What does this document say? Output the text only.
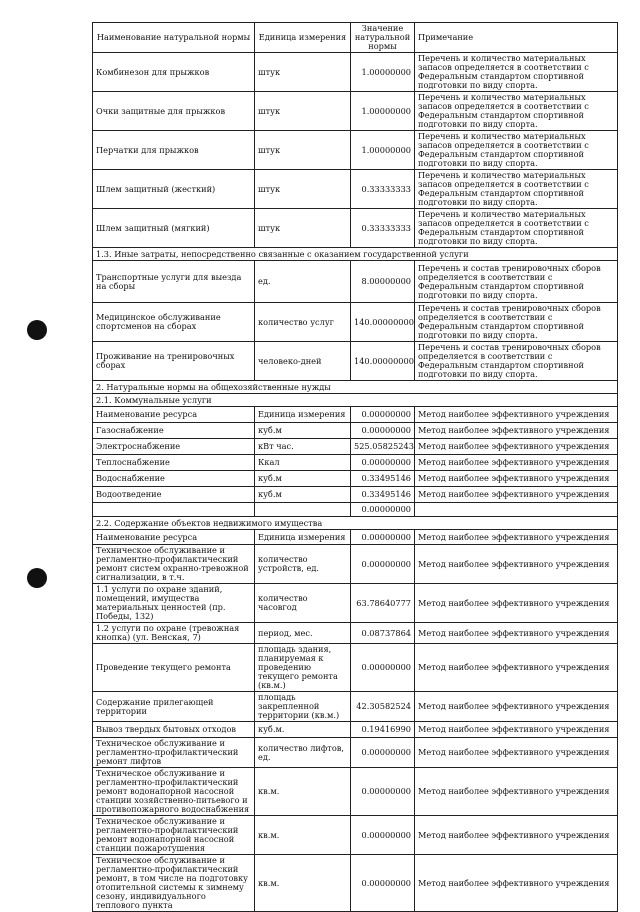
Наименование натуральной нормы	Единица измерения	Значение натуральной нормы	Примечание
Комбинезон для прыжков	штук	1.00000000	Перечень и количество материальных запасов определяется в соответствии с Федеральным стандартом спортивной подготовки по виду спорта.
Очки защитные для прыжков	штук	1.00000000	Перечень и количество материальных запасов определяется в соответствии с Федеральным стандартом спортивной подготовки по виду спорта.
Перчатки для прыжков	штук	1.00000000	Перечень и количество материальных запасов определяется в соответствии с Федеральным стандартом спортивной подготовки по виду спорта.
Шлем защитный (жесткий)	штук	0.33333333	Перечень и количество материальных запасов определяется в соответствии с Федеральным стандартом спортивной подготовки по виду спорта.
Шлем защитный (мягкий)	штук	0.33333333	Перечень и количество материальных запасов определяется в соответствии с Федеральным стандартом спортивной подготовки по виду спорта.
1.3. Иные затраты, непосредственно связанные с оказанием государственной услуги			
Транспортные услуги для выезда на сборы	ед.	8.00000000	Перечень и состав тренировочных сборов определяется в соответствии с Федеральным стандартом спортивной подготовки по виду спорта.
Медицинское обслуживание спортсменов на сборах	количество услуг	140.00000000	Перечень и состав тренировочных сборов определяется в соответствии с Федеральным стандартом спортивной подготовки по виду спорта.
Проживание на тренировочных сборах	человеко-дней	140.00000000	Перечень и состав тренировочных сборов определяется в соответствии с Федеральным стандартом спортивной подготовки по виду спорта.
2. Натуральные нормы на общехозяйственные нужды			
2.1. Коммунальные услуги			
Наименование ресурса	Единица измерения	0.00000000	Метод наиболее эффективного учреждения
Газоснабжение	куб.м	0.00000000	Метод наиболее эффективного учреждения
Электроснабжение	кВт час.	525.05825243	Метод наиболее эффективного учреждения
Теплоснабжение	Ккал	0.00000000	Метод наиболее эффективного учреждения
Водоснабжение	куб.м	0.33495146	Метод наиболее эффективного учреждения
Водоотведение	куб.м	0.33495146	Метод наиболее эффективного учреждения
		0.00000000	
2.2. Содержание объектов недвижимого имущества			
Наименование ресурса	Единица измерения	0.00000000	Метод наиболее эффективного учреждения
Техническое обслуживание и регламентно-профилактический ремонт систем охранно-тревожной сигнализации, в т.ч.	количество устройств, ед.	0.00000000	Метод наиболее эффективного учреждения
1.1 услуги по охране зданий, помещений, имущества материальных ценностей (пр. Победы, 132)	количество часовгод	63.78640777	Метод наиболее эффективного учреждения
1.2 услуги по охране (тревожная кнопка) (ул. Венская, 7)	период, мес.	0.08737864	Метод наиболее эффективного учреждения
Проведение текущего ремонта	площадь здания, планируемая к проведению текущего ремонта (кв.м.)	0.00000000	Метод наиболее эффективного учреждения
Содержание прилегающей территории	площадь закрепленной территории (кв.м.)	42.30582524	Метод наиболее эффективного учреждения
Вывоз твердых бытовых отходов	куб.м.	0.19416990	Метод наиболее эффективного учреждения
Техническое обслуживание и регламентно-профилактический ремонт лифтов	количество лифтов, ед.	0.00000000	Метод наиболее эффективного учреждения
Техническое обслуживание и регламентно-профилактический ремонт водонапорной насосной станции хозяйственно-питьевого и противопожарного водоснабжения	кв.м.	0.00000000	Метод наиболее эффективного учреждения
Техническое обслуживание и регламентно-профилактический ремонт водонапорной насосной станции пожаротушения	кв.м.	0.00000000	Метод наиболее эффективного учреждения
Техническое обслуживание и регламентно-профилактический ремонт, в том числе на подготовку отопительной системы к зимнему сезону, индивидуального теплового пункта	кв.м.	0.00000000	Метод наиболее эффективного учреждения
